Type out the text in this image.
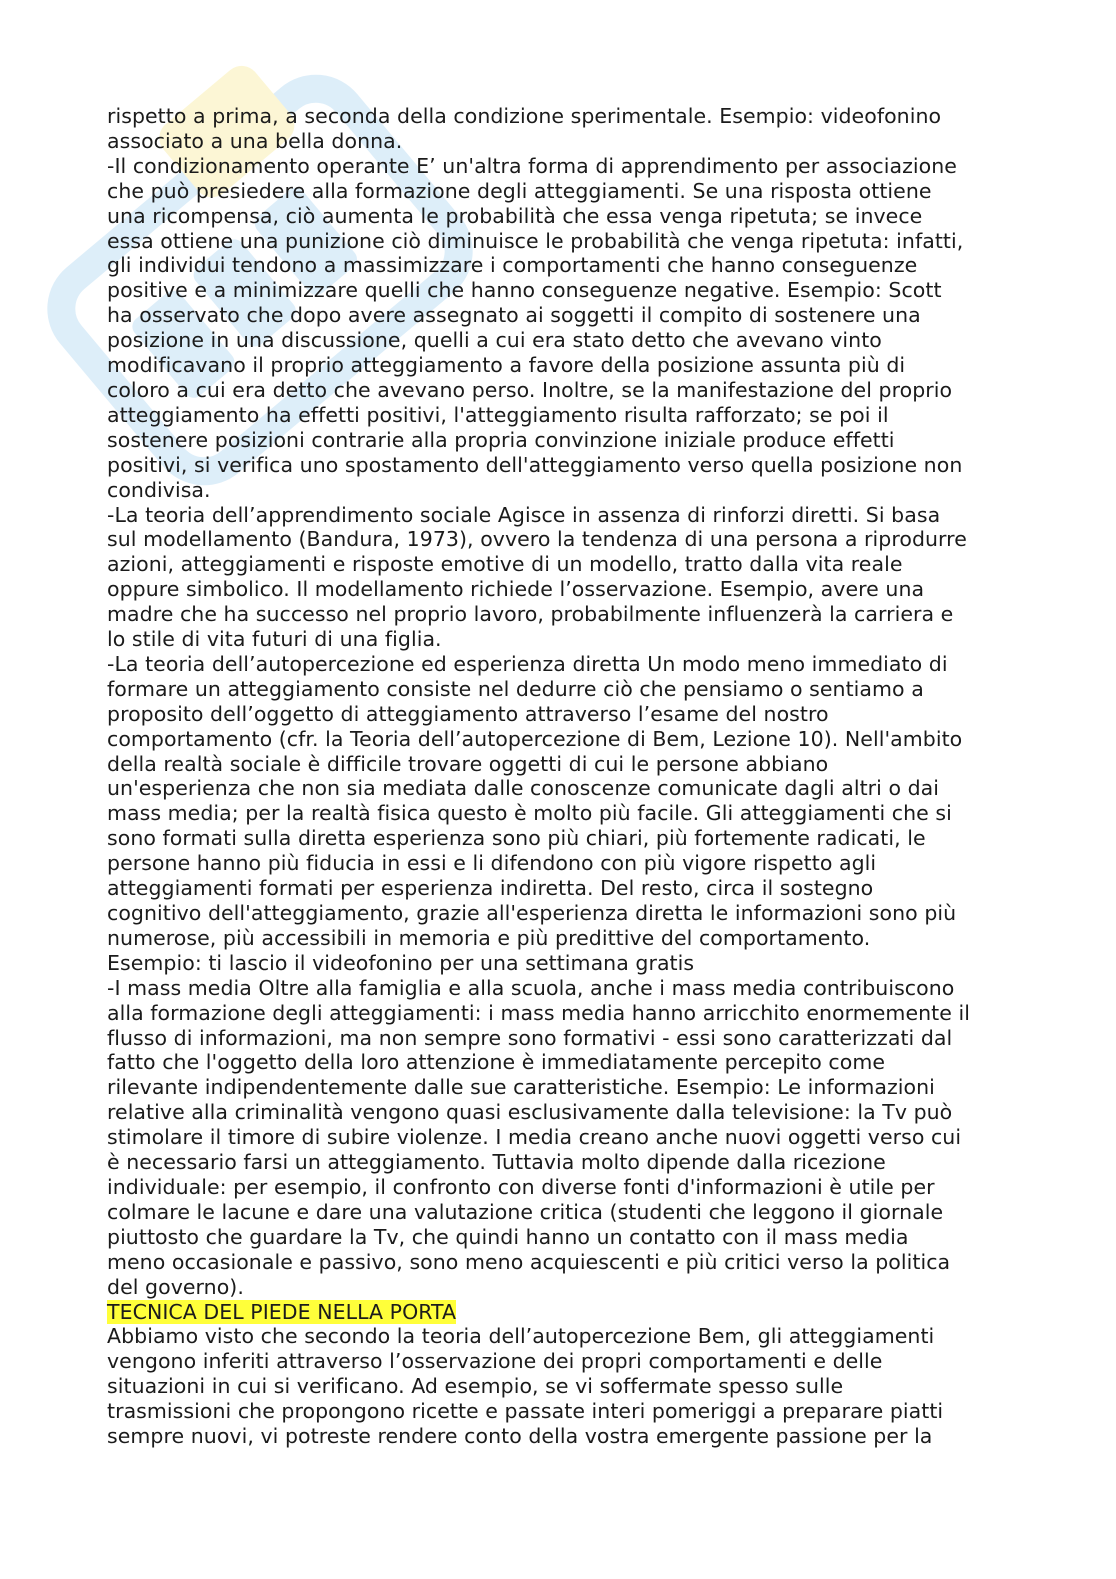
rispetto a prima, a seconda della condizione sperimentale. Esempio: videofonino
associato a una bella donna.
-Il condizionamento operante E’ un'altra forma di apprendimento per associazione
che può presiedere alla formazione degli atteggiamenti. Se una risposta ottiene
una ricompensa, ciò aumenta le probabilità che essa venga ripetuta; se invece
essa ottiene una punizione ciò diminuisce le probabilità che venga ripetuta: infatti,
gli individui tendono a massimizzare i comportamenti che hanno conseguenze
positive e a minimizzare quelli che hanno conseguenze negative. Esempio: Scott
ha osservato che dopo avere assegnato ai soggetti il compito di sostenere una
posizione in una discussione, quelli a cui era stato detto che avevano vinto
modificavano il proprio atteggiamento a favore della posizione assunta più di
coloro a cui era detto che avevano perso. Inoltre, se la manifestazione del proprio
atteggiamento ha effetti positivi, l'atteggiamento risulta rafforzato; se poi il
sostenere posizioni contrarie alla propria convinzione iniziale produce effetti
positivi, si verifica uno spostamento dell'atteggiamento verso quella posizione non
condivisa.
-La teoria dell’apprendimento sociale Agisce in assenza di rinforzi diretti. Si basa
sul modellamento (Bandura, 1973), ovvero la tendenza di una persona a riprodurre
azioni, atteggiamenti e risposte emotive di un modello, tratto dalla vita reale
oppure simbolico. Il modellamento richiede l’osservazione. Esempio, avere una
madre che ha successo nel proprio lavoro, probabilmente influenzerà la carriera e
lo stile di vita futuri di una figlia.
-La teoria dell’autopercezione ed esperienza diretta Un modo meno immediato di
formare un atteggiamento consiste nel dedurre ciò che pensiamo o sentiamo a
proposito dell’oggetto di atteggiamento attraverso l’esame del nostro
comportamento (cfr. la Teoria dell’autopercezione di Bem, Lezione 10). Nell'ambito
della realtà sociale è difficile trovare oggetti di cui le persone abbiano
un'esperienza che non sia mediata dalle conoscenze comunicate dagli altri o dai
mass media; per la realtà fisica questo è molto più facile. Gli atteggiamenti che si
sono formati sulla diretta esperienza sono più chiari, più fortemente radicati, le
persone hanno più fiducia in essi e li difendono con più vigore rispetto agli
atteggiamenti formati per esperienza indiretta. Del resto, circa il sostegno
cognitivo dell'atteggiamento, grazie all'esperienza diretta le informazioni sono più
numerose, più accessibili in memoria e più predittive del comportamento.
Esempio: ti lascio il videofonino per una settimana gratis
-I mass media Oltre alla famiglia e alla scuola, anche i mass media contribuiscono
alla formazione degli atteggiamenti: i mass media hanno arricchito enormemente il
flusso di informazioni, ma non sempre sono formativi - essi sono caratterizzati dal
fatto che l'oggetto della loro attenzione è immediatamente percepito come
rilevante indipendentemente dalle sue caratteristiche. Esempio: Le informazioni
relative alla criminalità vengono quasi esclusivamente dalla televisione: la Tv può
stimolare il timore di subire violenze. I media creano anche nuovi oggetti verso cui
è necessario farsi un atteggiamento. Tuttavia molto dipende dalla ricezione
individuale: per esempio, il confronto con diverse fonti d'informazioni è utile per
colmare le lacune e dare una valutazione critica (studenti che leggono il giornale
piuttosto che guardare la Tv, che quindi hanno un contatto con il mass media
meno occasionale e passivo, sono meno acquiescenti e più critici verso la politica
del governo).
TECNICA DEL PIEDE NELLA PORTA
Abbiamo visto che secondo la teoria dell’autopercezione Bem, gli atteggiamenti
vengono inferiti attraverso l’osservazione dei propri comportamenti e delle
situazioni in cui si verificano. Ad esempio, se vi soffermate spesso sulle
trasmissioni che propongono ricette e passate interi pomeriggi a preparare piatti
sempre nuovi, vi potreste rendere conto della vostra emergente passione per la
